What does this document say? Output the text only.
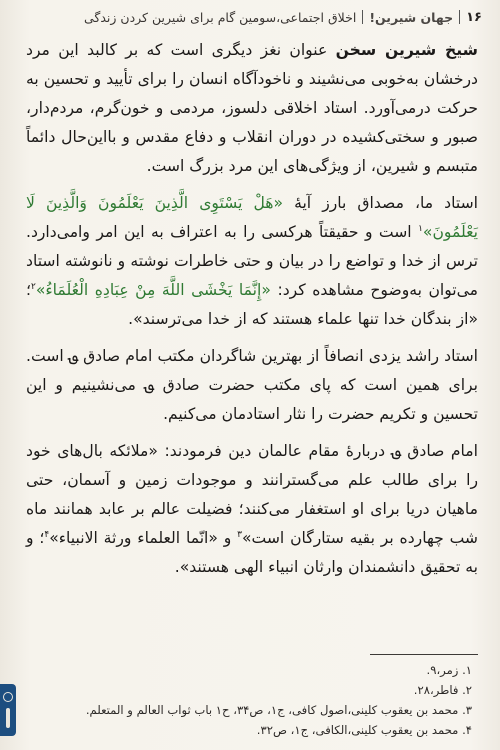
۱۶
جهان شیرین!
اخلاق اجتماعی،سومین گام برای شیرین کردن زندگی

شیخ شیرین سخن عنوان نغز دیگری است که بر کالبد این مرد درخشان به‌خوبی می‌نشیند و ناخودآگاه انسان را برای تأیید و تحسین به حرکت درمی‌آورد. استاد اخلاقی دلسوز، مردمی و خون‌گرم، مردم‌دار، صبور و سختی‌کشیده در دوران انقلاب و دفاع مقدس و بااین‌حال دائماً متبسم و شیرین، از ویژگی‌های این مرد بزرگ است.

استاد ما، مصداق بارز آیهٔ «هَلْ يَسْتَوِى الَّذِينَ يَعْلَمُونَ وَالَّذِينَ لَا يَعْلَمُونَ»$^۱$ است و حقیقتاً هرکسی را به اعتراف به این امر وامی‌دارد. ترس از خدا و تواضع را در بیان و حتی خاطرات نوشته و نانوشته استاد می‌توان به‌وضوح مشاهده کرد: «إِنَّمَا يَخْشَى اللَّهَ مِنْ عِبَادِهِ الْعُلَمَاءُ»$^۲$؛ «از بندگان خدا تنها علماء هستند که از خدا می‌ترسند».

استاد راشد یزدی انصافاً از بهترین شاگردان مکتب امام صادق ؈ است. برای همین است که پای مکتب حضرت صادق ؈ می‌نشینیم و این تحسین و تکریم حضرت را نثار استادمان می‌کنیم.

امام صادق ؈ دربارهٔ مقام عالمان دین فرمودند: «ملائکه بال‌های خود را برای طالب علم می‌گسترانند و موجودات زمین و آسمان، حتی ماهیان دریا برای او استغفار می‌کنند؛ فضیلت عالم بر عابد همانند ماه شب چهارده بر بقیه ستارگان است»$^۳$ و «انّما العلماء ورثة الانبیاء»$^۴$؛ و به تحقیق دانشمندان وارثان انبیاء الهی هستند».

۱. زمر،۹.
۲. فاطر،۲۸.
۳. محمد بن یعقوب کلینی،اصول کافی، ج۱، ص۳۴، ح۱ باب ثواب العالم و المتعلم.
۴. محمد بن یعقوب کلینی،الکافی، ج۱، ص۳۲.
